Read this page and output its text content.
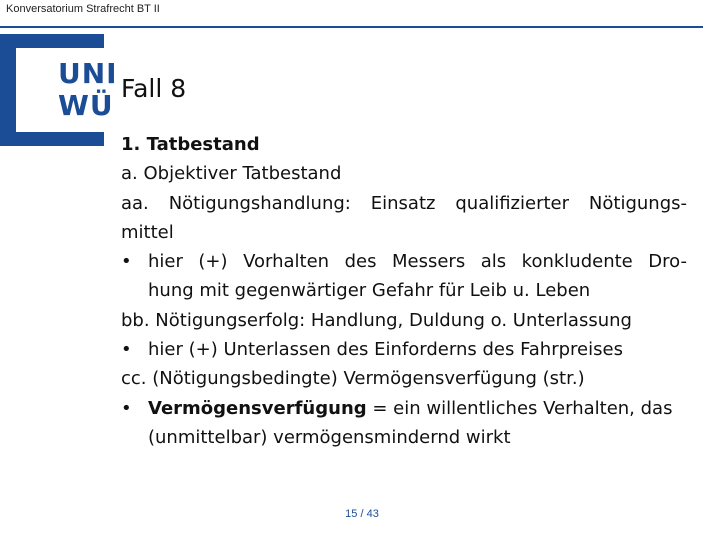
Konversatorium Strafrecht BT II
UNI
WÜ
Fall 8
1. Tatbestand
a. Objektiver Tatbestand
aa. Nötigungshandlung: Einsatz qualifizierter Nötigungs-
mittel
• hier (+) Vorhalten des Messers als konkludente Dro-
hung mit gegenwärtiger Gefahr für Leib u. Leben
bb. Nötigungserfolg: Handlung, Duldung o. Unterlassung
• hier (+) Unterlassen des Einforderns des Fahrpreises
cc. (Nötigungsbedingte) Vermögensverfügung (str.)
• Vermögensverfügung = ein willentliches Verhalten, das
(unmittelbar) vermögensmindernd wirkt
15 / 43
